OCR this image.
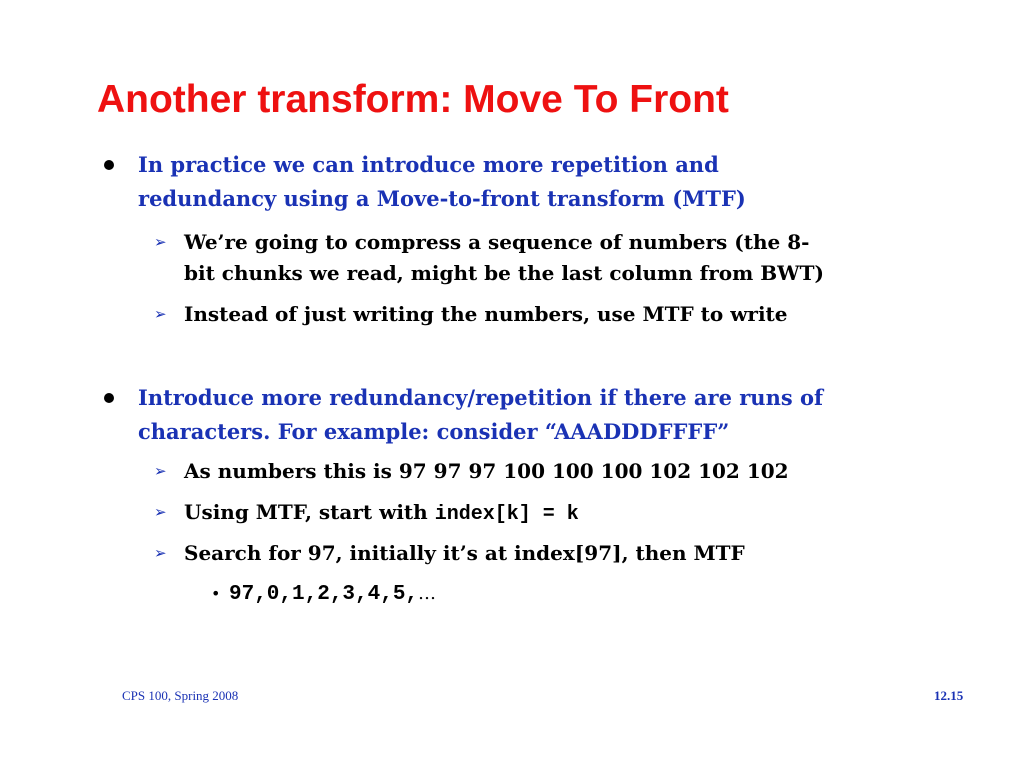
Another transform: Move To Front
In practice we can introduce more repetition and
redundancy using a Move-to-front transform (MTF)
➢ We’re going to compress a sequence of numbers (the 8-
bit chunks we read, might be the last column from BWT)
➢ Instead of just writing the numbers, use MTF to write
Introduce more redundancy/repetition if there are runs of
characters. For example: consider “AAADDDFFFF”
➢ As numbers this is 97 97 97 100 100 100 102 102 102
➢ Using MTF, start with index[k] = k
➢ Search for 97, initially it’s at index[97], then MTF
• 97,0,1,2,3,4,5,…
CPS 100, Spring 2008	12.15
